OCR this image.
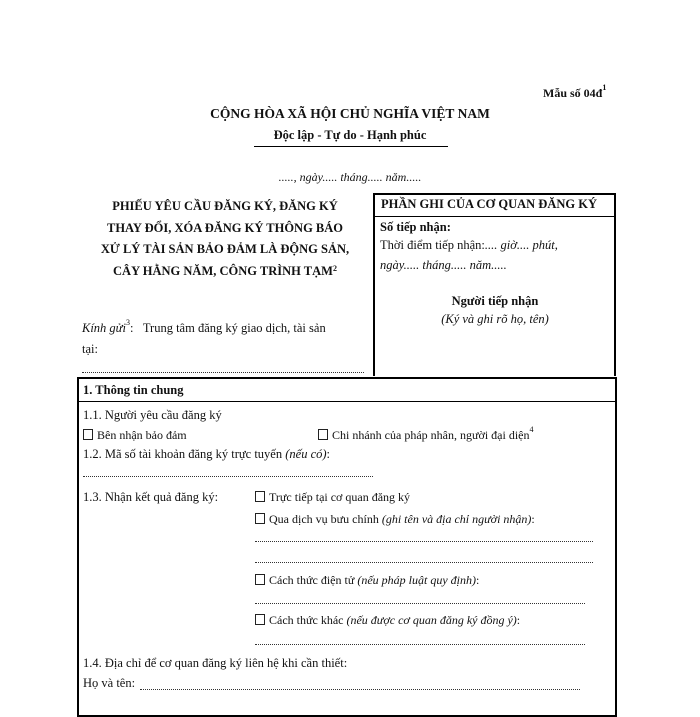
Mẫu số $04đ^1$
CỘNG HÒA XÃ HỘI CHỦ NGHĨA VIỆT NAM
Độc lập - Tự do - Hạnh phúc
....., ngày..... tháng..... năm.....
PHIẾU YÊU CẦU ĐĂNG KÝ, ĐĂNG KÝ
THAY ĐỔI, XÓA ĐĂNG KÝ THÔNG BÁO
XỬ LÝ TÀI SẢN BẢO ĐẢM LÀ ĐỘNG SẢN,
CÂY HẰNG NĂM, CÔNG TRÌNH TẠM$^2$
Kính gửi$^3$:   Trung tâm đăng ký giao dịch, tài sản
tại:
PHẦN GHI CỦA CƠ QUAN ĐĂNG KÝ
Số tiếp nhận:
Thời điểm tiếp nhận:.... giờ.... phút,
ngày..... tháng..... năm.....
Người tiếp nhận
(Ký và ghi rõ họ, tên)
1. Thông tin chung
1.1. Người yêu cầu đăng ký
Bên nhận bảo đảm	Chi nhánh của pháp nhân, người đại diện$^4$
1.2. Mã số tài khoản đăng ký trực tuyến (nếu có):
1.3. Nhận kết quả đăng ký:	Trực tiếp tại cơ quan đăng ký
Qua dịch vụ bưu chính (ghi tên và địa chỉ người nhận):
Cách thức điện tử (nếu pháp luật quy định):
Cách thức khác (nếu được cơ quan đăng ký đồng ý):
1.4. Địa chỉ để cơ quan đăng ký liên hệ khi cần thiết:
Họ và tên:
